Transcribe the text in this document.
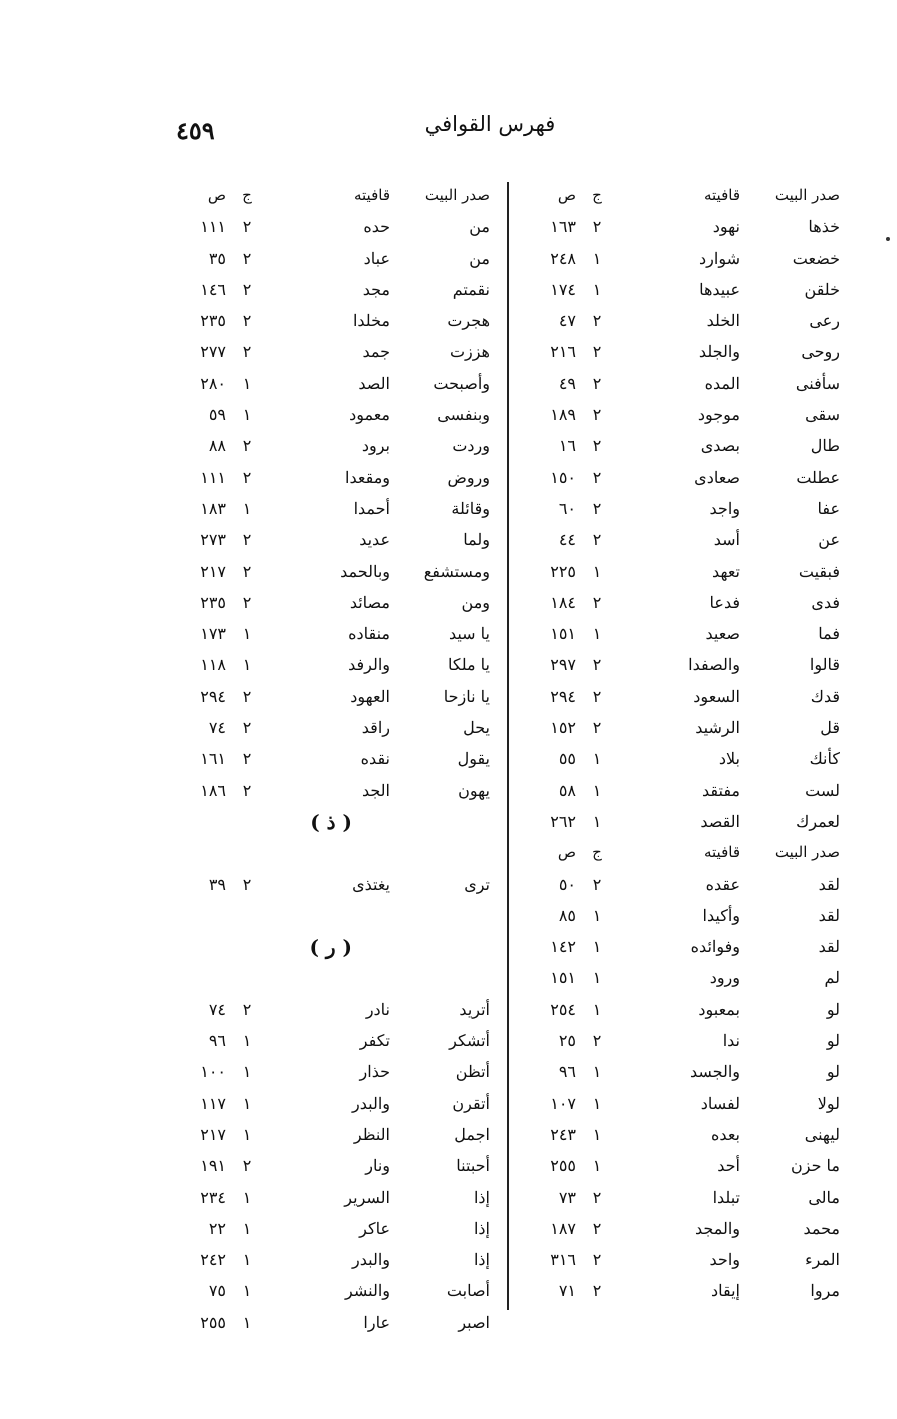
فهرس القوافي
٤٥٩
صدر البيت
قافيته
ج
ص
خذها
نهود
٢
١٦٣
خضعت
شوارد
١
٢٤٨
خلقن
عبيدها
١
١٧٤
رعى
الخلد
٢
٤٧
روحى
والجلد
٢
٢١٦
سأفنى
المده
٢
٤٩
سقى
موجود
٢
١٨٩
طال
بصدى
٢
١٦
عطلت
صعادى
٢
١٥٠
عفا
واجد
٢
٦٠
عن
أسد
٢
٤٤
فبقيت
تعهد
١
٢٢٥
فدى
فدعا
٢
١٨٤
فما
صعيد
١
١٥١
قالوا
والصفدا
٢
٢٩٧
قدك
السعود
٢
٢٩٤
قل
الرشيد
٢
١٥٢
كأنك
بلاد
١
٥٥
لست
مفتقد
١
٥٨
لعمرك
القصد
١
٢٦٢
صدر البيت
قافيته
ج
ص
لقد
عقده
٢
٥٠
لقد
وأكيدا
١
٨٥
لقد
وفوائده
١
١٤٢
لم
ورود
١
١٥١
لو
بمعبود
١
٢٥٤
لو
ندا
٢
٢٥
لو
والجسد
١
٩٦
لولا
لفساد
١
١٠٧
ليهنى
بعده
١
٢٤٣
ما حزن
أحد
١
٢٥٥
مالى
تبلدا
٢
٧٣
محمد
والمجد
٢
١٨٧
المرء
واحد
٢
٣١٦
مروا
إيقاد
٢
٧١
صدر البيت
قافيته
ج
ص
من
حده
٢
١١١
من
عباد
٢
٣٥
نقمتم
مجد
٢
١٤٦
هجرت
مخلدا
٢
٢٣٥
هززت
جمد
٢
٢٧٧
وأصبحت
الصد
١
٢٨٠
وبنفسى
معمود
١
٥٩
وردت
برود
٢
٨٨
وروض
ومقعدا
٢
١١١
وقائلة
أحمدا
١
١٨٣
ولما
عديد
٢
٢٧٣
ومستشفع
وبالحمد
٢
٢١٧
ومن
مصائد
٢
٢٣٥
يا سيد
منقاده
١
١٧٣
يا ملكا
والرفد
١
١١٨
يا نازحا
العهود
٢
٢٩٤
يحل
راقد
٢
٧٤
يقول
نقده
٢
١٦١
يهون
الجد
٢
١٨٦
( ذ )
ترى
يغتذى
٢
٣٩
( ر )
أتريد
نادر
٢
٧٤
أتشكر
تكفر
١
٩٦
أتظن
حذار
١
١٠٠
أتقرن
والبدر
١
١١٧
اجمل
النظر
١
٢١٧
أحبتنا
ونار
٢
١٩١
إذا
السرير
١
٢٣٤
إذا
عاكر
١
٢٢
إذا
والبدر
١
٢٤٢
أصابت
والنشر
١
٧٥
اصبر
عارا
١
٢٥٥
